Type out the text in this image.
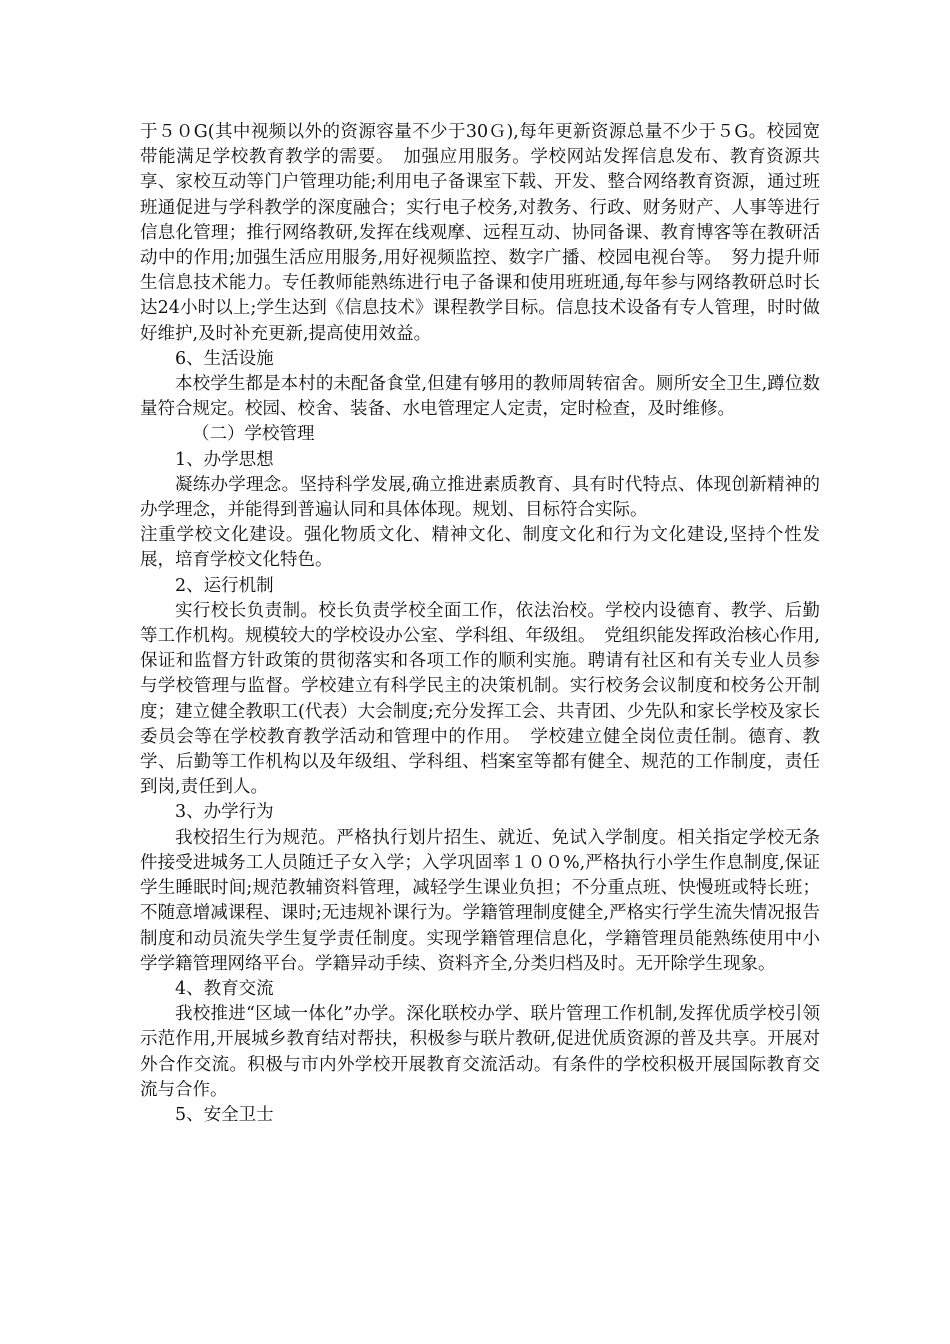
于５０G(其中视频以外的资源容量不少于30Ｇ),每年更新资源总量不少于５G。校园宽带能满足学校教育教学的需要。　加强应用服务。学校网站发挥信息发布、教育资源共享、家校互动等门户管理功能;利用电子备课室下载、开发、整合网络教育资源，通过班班通促进与学科教学的深度融合；实行电子校务,对教务、行政、财务财产、人事等进行信息化管理；推行网络教研,发挥在线观摩、远程互动、协同备课、教育博客等在教研活动中的作用;加强生活应用服务,用好视频监控、数字广播、校园电视台等。　努力提升师生信息技术能力。专任教师能熟练进行电子备课和使用班班通,每年参与网络教研总时长达24小时以上;学生达到《信息技术》课程教学目标。信息技术设备有专人管理，时时做好维护,及时补充更新,提高使用效益。

6、生活设施

本校学生都是本村的未配备食堂,但建有够用的教师周转宿舍。厕所安全卫生,蹲位数量符合规定。校园、校舍、装备、水电管理定人定责，定时检查，及时维修。

（二）学校管理

1、办学思想

凝练办学理念。坚持科学发展,确立推进素质教育、具有时代特点、体现创新精神的办学理念，并能得到普遍认同和具体体现。规划、目标符合实际。

注重学校文化建设。强化物质文化、精神文化、制度文化和行为文化建设,坚持个性发展，培育学校文化特色。

2、运行机制

实行校长负责制。校长负责学校全面工作，依法治校。学校内设德育、教学、后勤等工作机构。规模较大的学校设办公室、学科组、年级组。　党组织能发挥政治核心作用,保证和监督方针政策的贯彻落实和各项工作的顺利实施。聘请有社区和有关专业人员参与学校管理与监督。学校建立有科学民主的决策机制。实行校务会议制度和校务公开制度；建立健全教职工(代表）大会制度;充分发挥工会、共青团、少先队和家长学校及家长委员会等在学校教育教学活动和管理中的作用。　学校建立健全岗位责任制。德育、教学、后勤等工作机构以及年级组、学科组、档案室等都有健全、规范的工作制度，责任到岗,责任到人。

3、办学行为

我校招生行为规范。严格执行划片招生、就近、免试入学制度。相关指定学校无条件接受进城务工人员随迁子女入学；入学巩固率１００%,严格执行小学生作息制度,保证学生睡眠时间;规范教辅资料管理，减轻学生课业负担；不分重点班、快慢班或特长班；不随意增减课程、课时;无违规补课行为。学籍管理制度健全,严格实行学生流失情况报告制度和动员流失学生复学责任制度。实现学籍管理信息化，学籍管理员能熟练使用中小学学籍管理网络平台。学籍异动手续、资料齐全,分类归档及时。无开除学生现象。

4、教育交流

我校推进“区域一体化”办学。深化联校办学、联片管理工作机制,发挥优质学校引领示范作用,开展城乡教育结对帮扶，积极参与联片教研,促进优质资源的普及共享。开展对外合作交流。积极与市内外学校开展教育交流活动。有条件的学校积极开展国际教育交流与合作。

5、安全卫士
